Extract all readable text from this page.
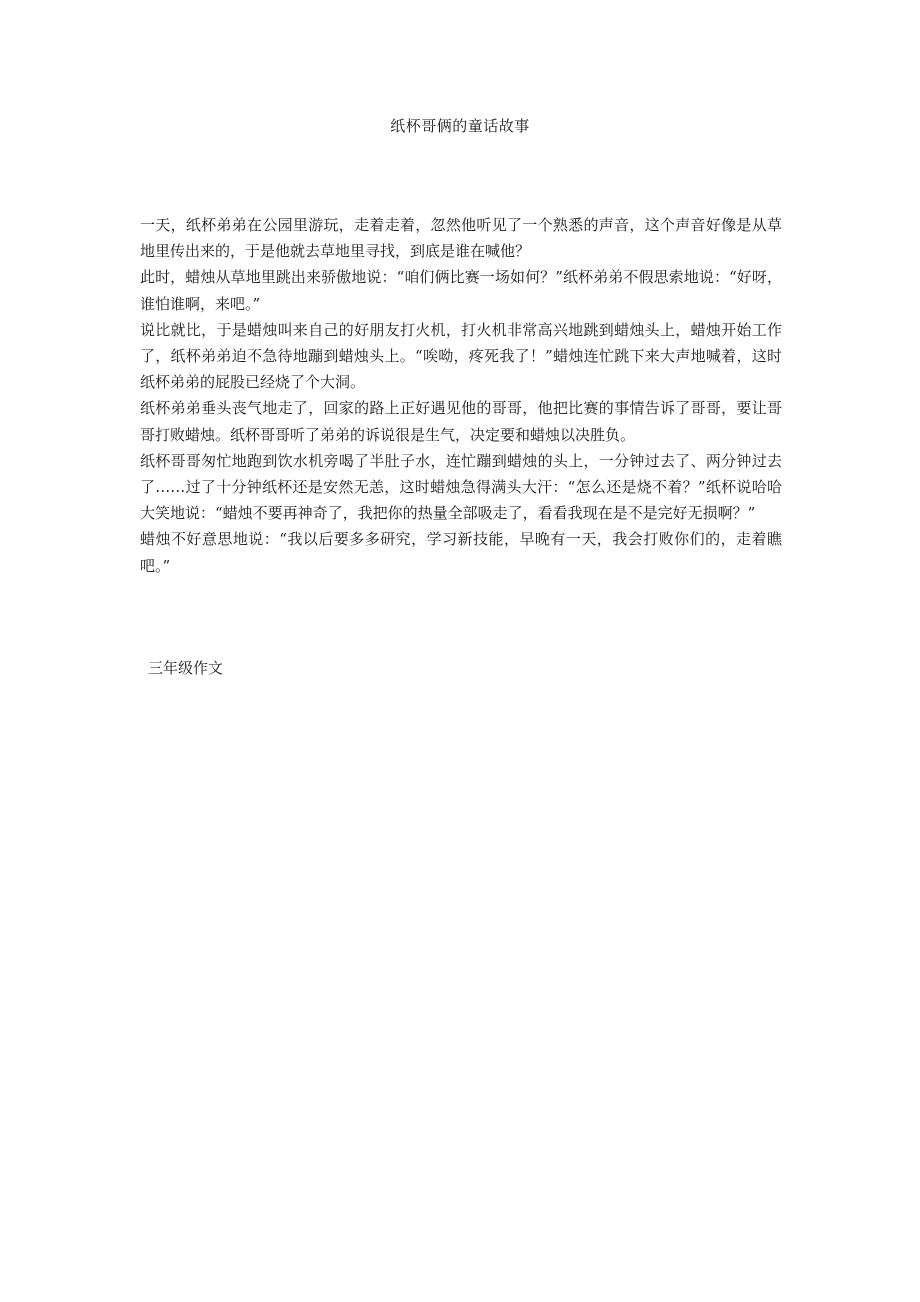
纸杯哥俩的童话故事

一天，纸杯弟弟在公园里游玩，走着走着，忽然他听见了一个熟悉的声音，这个声音好像是从草地里传出来的，于是他就去草地里寻找，到底是谁在喊他？

此时，蜡烛从草地里跳出来骄傲地说：“咱们俩比赛一场如何？”纸杯弟弟不假思索地说：“好呀，谁怕谁啊，来吧。”

说比就比，于是蜡烛叫来自己的好朋友打火机，打火机非常高兴地跳到蜡烛头上，蜡烛开始工作了，纸杯弟弟迫不急待地蹦到蜡烛头上。“唉呦，疼死我了！”蜡烛连忙跳下来大声地喊着，这时纸杯弟弟的屁股已经烧了个大洞。

纸杯弟弟垂头丧气地走了，回家的路上正好遇见他的哥哥，他把比赛的事情告诉了哥哥，要让哥哥打败蜡烛。纸杯哥哥听了弟弟的诉说很是生气，决定要和蜡烛以决胜负。

纸杯哥哥匆忙地跑到饮水机旁喝了半肚子水，连忙蹦到蜡烛的头上，一分钟过去了、两分钟过去了……过了十分钟纸杯还是安然无恙，这时蜡烛急得满头大汗：“怎么还是烧不着？”纸杯说哈哈大笑地说：“蜡烛不要再神奇了，我把你的热量全部吸走了，看看我现在是不是完好无损啊？”

蜡烛不好意思地说：“我以后要多多研究，学习新技能，早晚有一天，我会打败你们的，走着瞧吧。”

三年级作文
